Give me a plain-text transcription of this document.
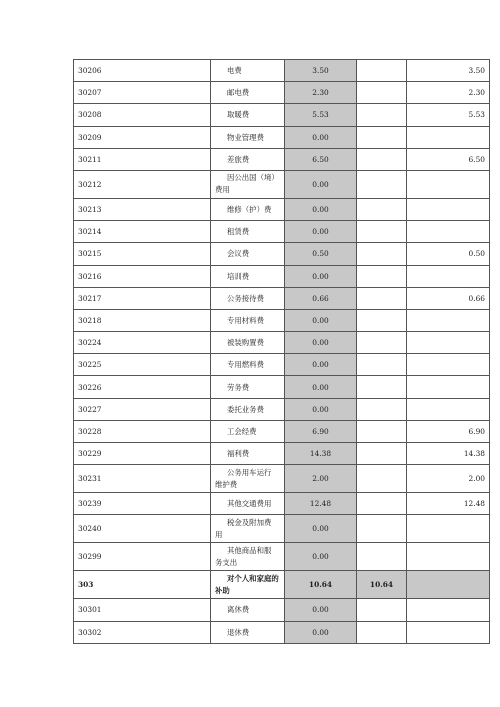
30206	电费	3.50		3.50
30207	邮电费	2.30		2.30
30208	取暖费	5.53		5.53
30209	物业管理费	0.00		
30211	差旅费	6.50		6.50
30212	因公出国（境）
费用	0.00		
30213	维修（护）费	0.00		
30214	租赁费	0.00		
30215	会议费	0.50		0.50
30216	培训费	0.00		
30217	公务接待费	0.66		0.66
30218	专用材料费	0.00		
30224	被装购置费	0.00		
30225	专用燃料费	0.00		
30226	劳务费	0.00		
30227	委托业务费	0.00		
30228	工会经费	6.90		6.90
30229	福利费	14.38		14.38
30231	公务用车运行
维护费	2.00		2.00
30239	其他交通费用	12.48		12.48
30240	税金及附加费
用	0.00		
30299	其他商品和服
务支出	0.00		
303	对个人和家庭的
补助	10.64	10.64	
30301	离休费	0.00		
30302	退休费	0.00		
